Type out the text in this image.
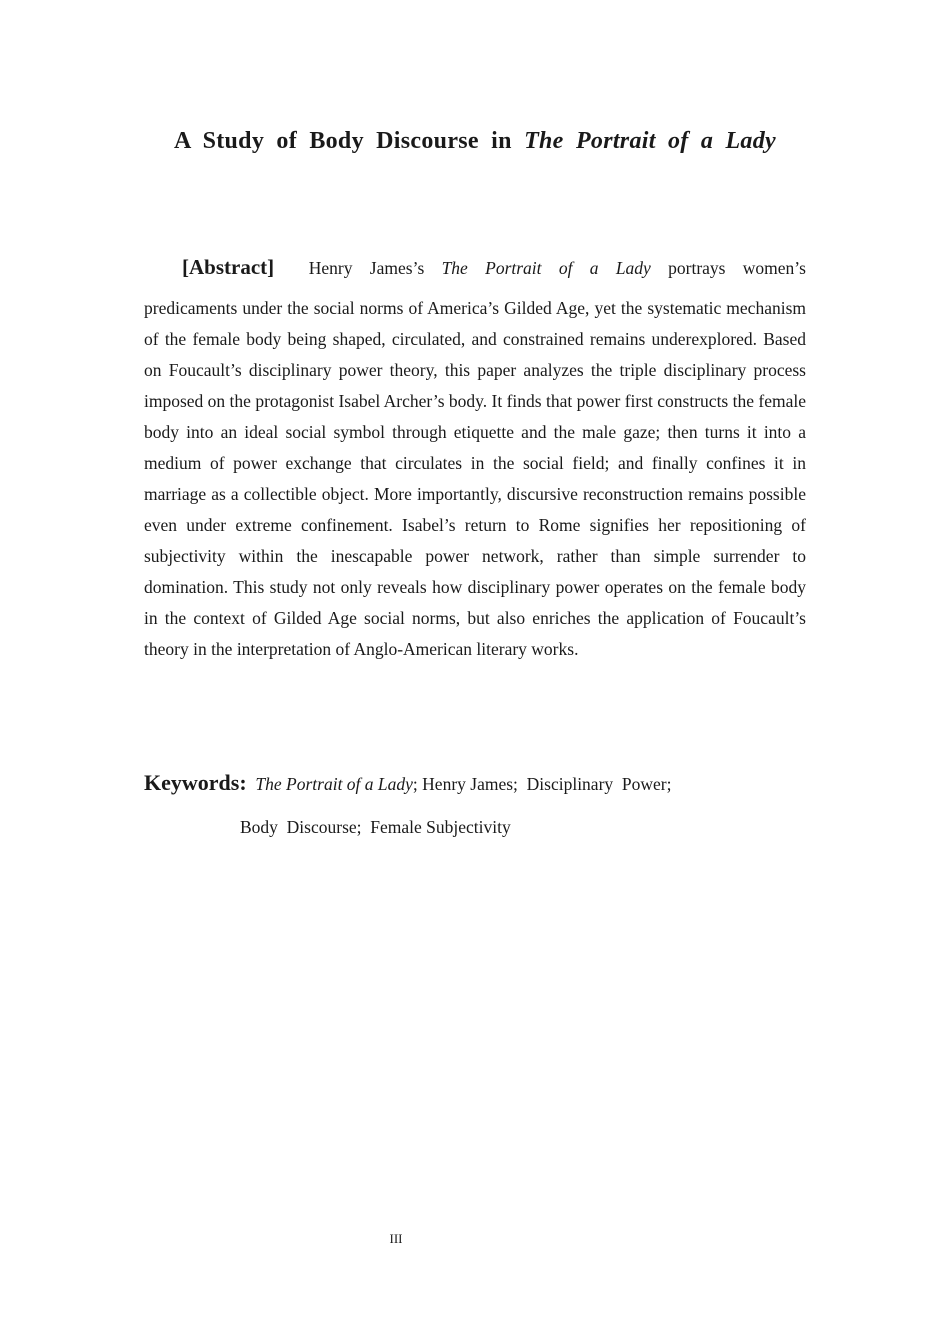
A Study of Body Discourse in The Portrait of a Lady
[Abstract] Henry James’s The Portrait of a Lady portrays women’s
predicaments under the social norms of America’s Gilded Age, yet the systematic mechanism of the female body being shaped, circulated, and constrained remains underexplored. Based on Foucault’s disciplinary power theory, this paper analyzes the triple disciplinary process imposed on the protagonist Isabel Archer’s body. It finds that power first constructs the female body into an ideal social symbol through etiquette and the male gaze; then turns it into a medium of power exchange that circulates in the social field; and finally confines it in marriage as a collectible object. More importantly, discursive reconstruction remains possible even under extreme confinement. Isabel’s return to Rome signifies her repositioning of subjectivity within the inescapable power network, rather than simple surrender to domination. This study not only reveals how disciplinary power operates on the female body in the context of Gilded Age social norms, but also enriches the application of Foucault’s theory in the interpretation of Anglo-American literary works.
Keywords: The Portrait of a Lady; Henry James;  Disciplinary  Power;
Body  Discourse;  Female Subjectivity
III
